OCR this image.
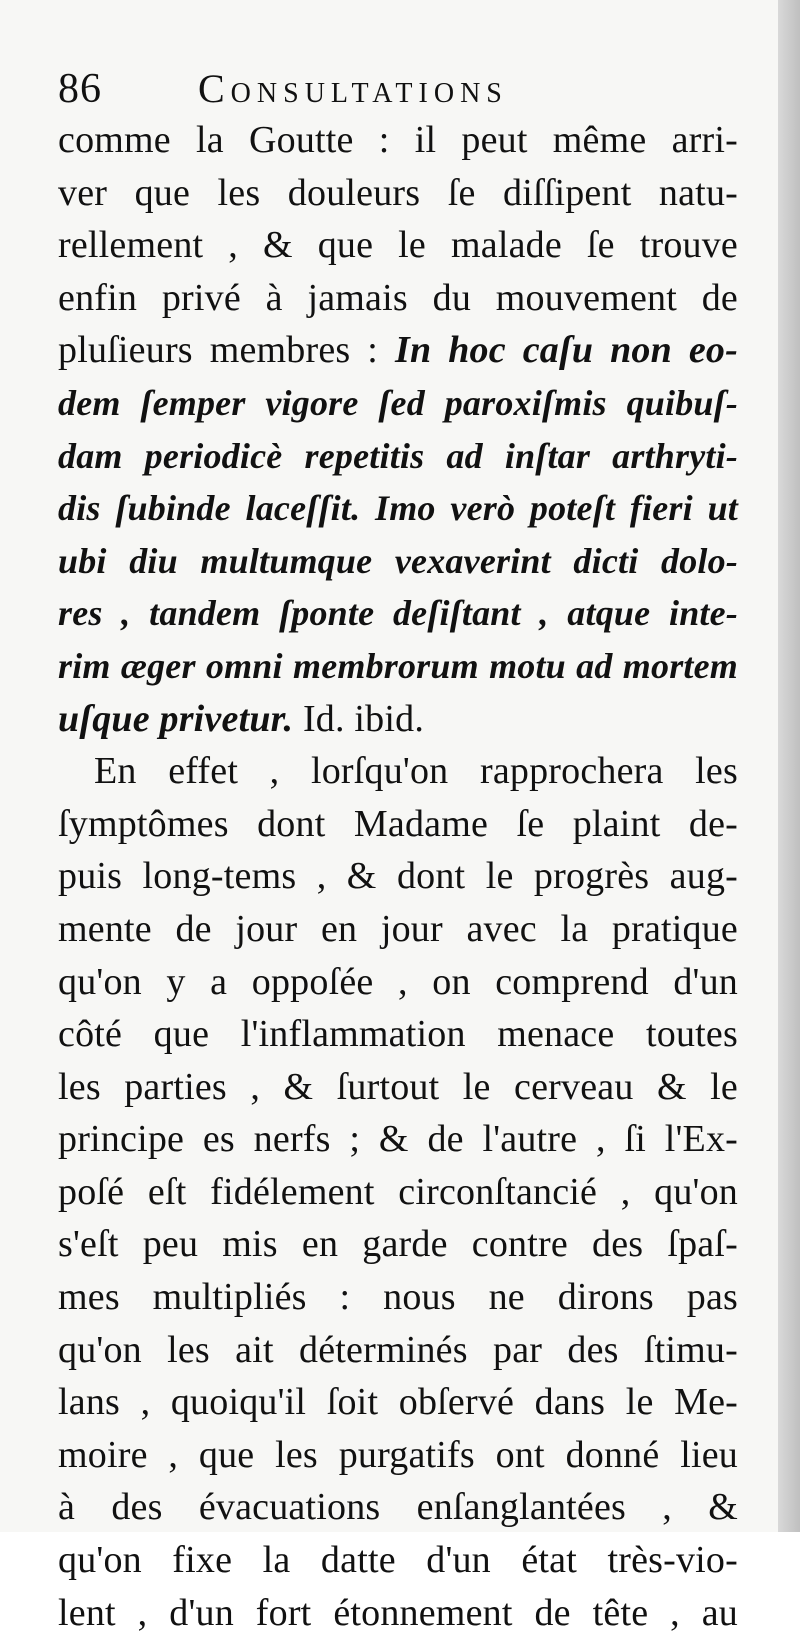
86 Consultations
comme la Goutte : il peut même arri-
ver que les douleurs ſe diſſipent natu-
rellement , & que le malade ſe trouve
enfin privé à jamais du mouvement de
pluſieurs membres : In hoc caſu non eo-
dem ſemper vigore ſed paroxiſmis quibuſ-
dam periodicè repetitis ad inſtar arthryti-
dis ſubinde laceſſit. Imo verò poteſt fieri ut
ubi diu multumque vexaverint dicti dolo-
res , tandem ſponte deſiſtant , atque inte-
rim æger omni membrorum motu ad mortem
uſque privetur. Id. ibid.
En effet , lorſqu'on rapprochera les
ſymptômes dont Madame ſe plaint de-
puis long-tems , & dont le progrès aug-
mente de jour en jour avec la pratique
qu'on y a oppoſée , on comprend d'un
côté que l'inflammation menace toutes
les parties , & ſurtout le cerveau & le
principe es nerfs ; & de l'autre , ſi l'Ex-
poſé eſt fidélement circonſtancié , qu'on
s'eſt peu mis en garde contre des ſpaſ-
mes multipliés : nous ne dirons pas
qu'on les ait déterminés par des ſtimu-
lans , quoiqu'il ſoit obſervé dans le Me-
moire , que les purgatifs ont donné lieu
à des évacuations enſanglantées , &
qu'on fixe la datte d'un état très-vio-
lent , d'un fort étonnement de tête , au
